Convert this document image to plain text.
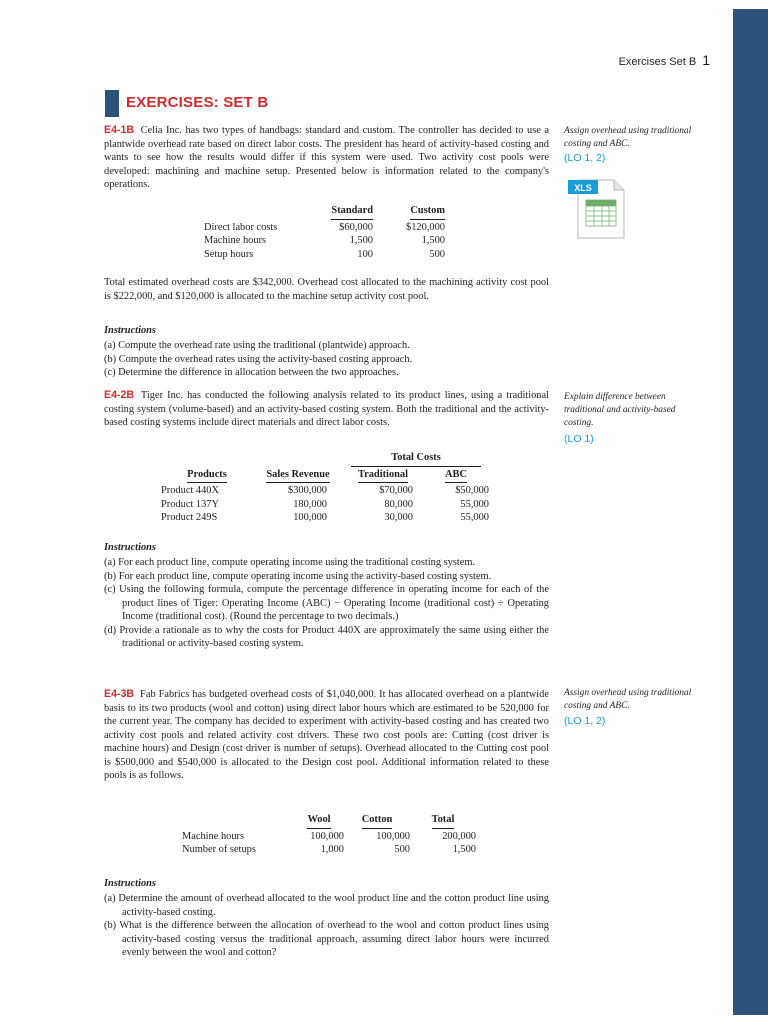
Exercises Set B 1
EXERCISES: SET B

E4-1B Celia Inc. has two types of handbags: standard and custom. The controller has decided to use a plantwide overhead rate based on direct labor costs. The president has heard of activity-based costing and wants to see how the results would differ if this system were used. Two activity cost pools were developed: machining and machine setup. Presented below is information related to the company's operations.

Assign overhead using traditional costing and ABC.
(LO 1, 2)
XLS
	Standard	Custom
Direct labor costs	$60,000	$120,000
Machine hours	1,500	1,500
Setup hours	100	500

Total estimated overhead costs are $342,000. Overhead cost allocated to the machining activity cost pool is $222,000, and $120,000 is allocated to the machine setup activity cost pool.

Instructions
(a) Compute the overhead rate using the traditional (plantwide) approach.
(b) Compute the overhead rates using the activity-based costing approach.
(c) Determine the difference in allocation between the two approaches.

E4-2B Tiger Inc. has conducted the following analysis related to its product lines, using a traditional costing system (volume-based) and an activity-based costing system. Both the traditional and the activity-based costing systems include direct materials and direct labor costs.

Explain difference between traditional and activity-based costing.
(LO 1)
		Total Costs	
Products	Sales Revenue	Traditional	ABC
Product 440X	$300,000	$70,000	$50,000
Product 137Y	180,000	80,000	55,000
Product 249S	100,000	30,000	55,000
Instructions
(a) For each product line, compute operating income using the traditional costing system.
(b) For each product line, compute operating income using the activity-based costing system.
(c) Using the following formula, compute the percentage difference in operating income for each of the product lines of Tiger: Operating Income (ABC) − Operating Income (traditional cost) ÷ Operating Income (traditional cost). (Round the percentage to two decimals.)
(d) Provide a rationale as to why the costs for Product 440X are approximately the same using either the traditional or activity-based costing system.

E4-3B Fab Fabrics has budgeted overhead costs of $1,040,000. It has allocated overhead on a plantwide basis to its two products (wool and cotton) using direct labor hours which are estimated to be 520,000 for the current year. The company has decided to experiment with activity-based costing and has created two activity cost pools and related activity cost drivers. These two cost pools are: Cutting (cost driver is machine hours) and Design (cost driver is number of setups). Overhead allocated to the Cutting cost pool is $500,000 and $540,000 is allocated to the Design cost pool. Additional information related to these pools is as follows.

Assign overhead using traditional costing and ABC.
(LO 1, 2)
	Wool	Cotton	Total
Machine hours	100,000	100,000	200,000
Number of setups	1,000	500	1,500
Instructions
(a) Determine the amount of overhead allocated to the wool product line and the cotton product line using activity-based costing.
(b) What is the difference between the allocation of overhead to the wool and cotton product lines using activity-based costing versus the traditional approach, assuming direct labor hours were incurred evenly between the wool and cotton?
